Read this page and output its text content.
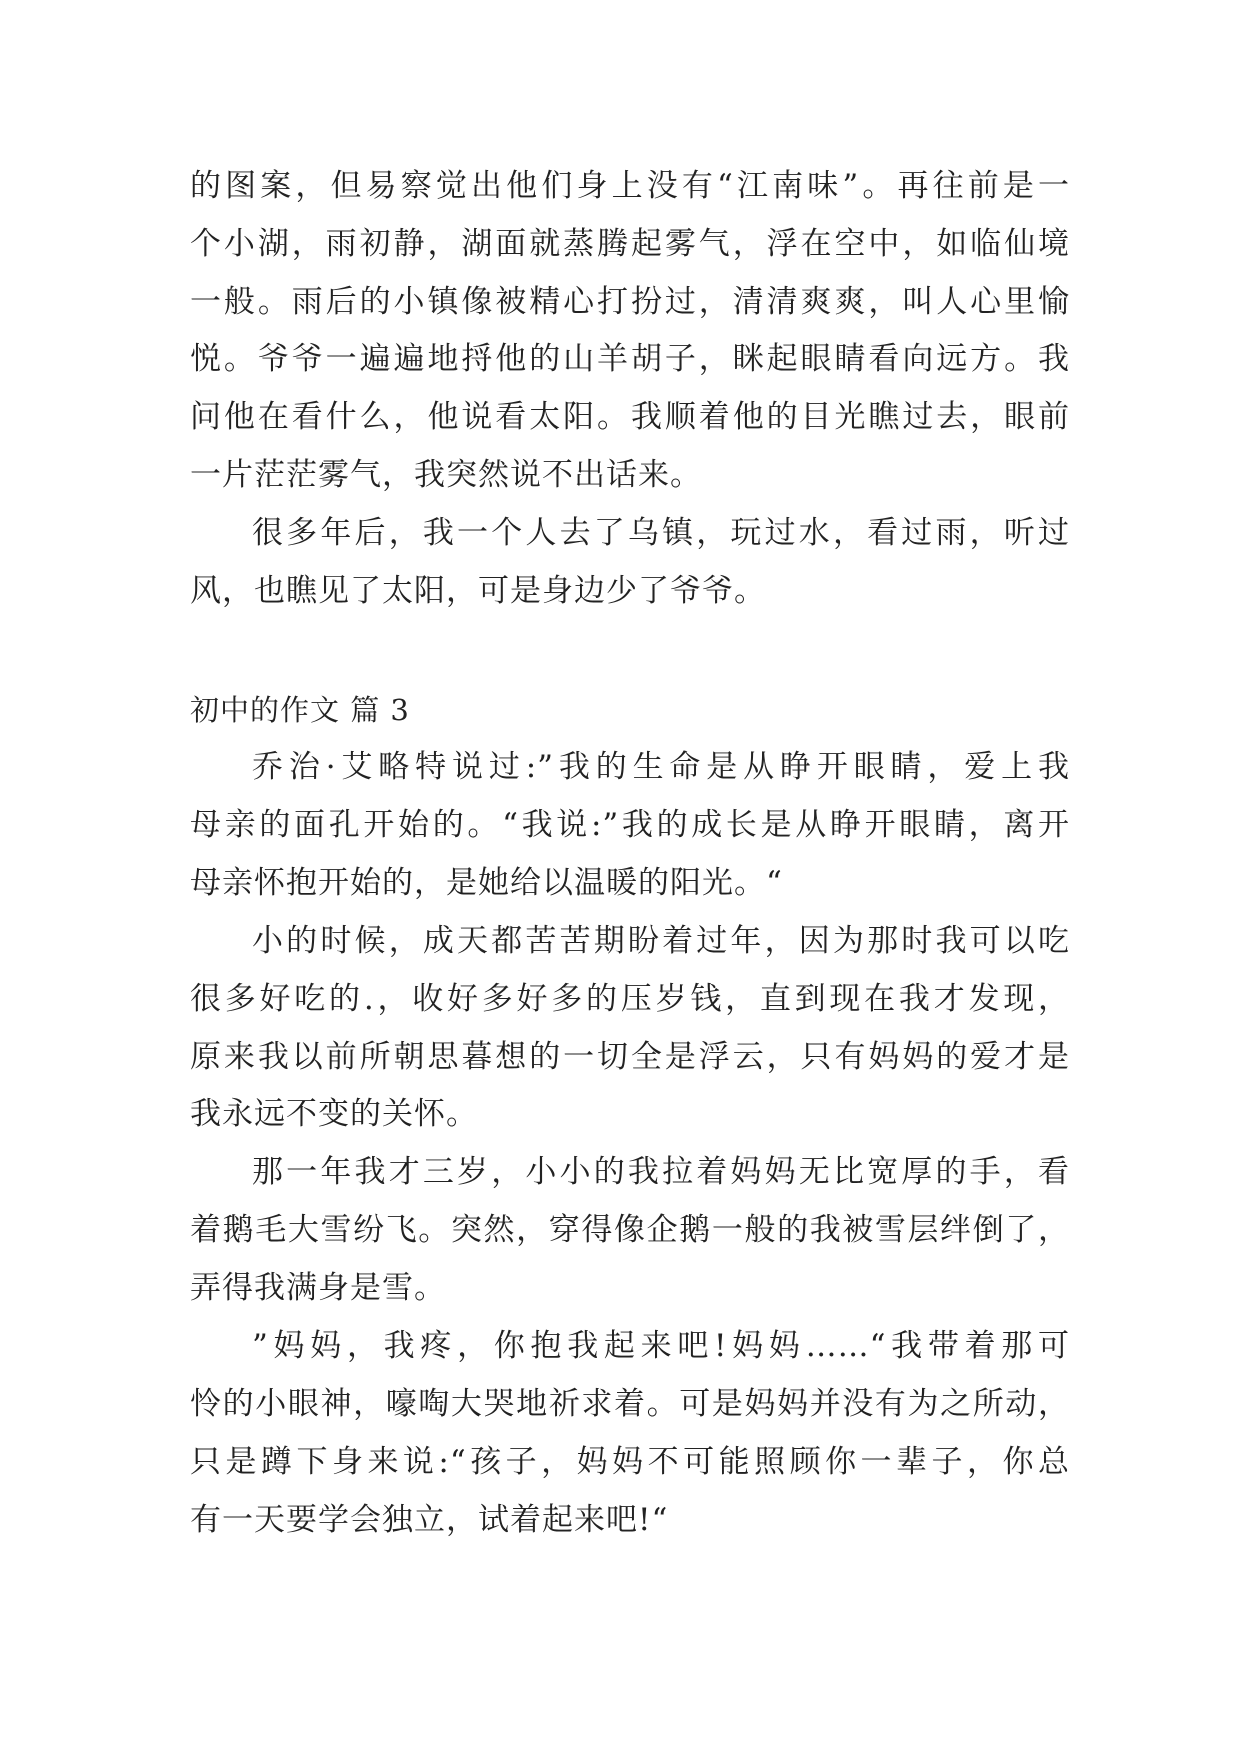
的图案，但易察觉出他们身上没有“江南味”。再往前是一
个小湖，雨初静，湖面就蒸腾起雾气，浮在空中，如临仙境
一般。雨后的小镇像被精心打扮过，清清爽爽，叫人心里愉
悦。爷爷一遍遍地捋他的山羊胡子，眯起眼睛看向远方。我
问他在看什么，他说看太阳。我顺着他的目光瞧过去，眼前
一片茫茫雾气，我突然说不出话来。
很多年后，我一个人去了乌镇，玩过水，看过雨，听过
风，也瞧见了太阳，可是身边少了爷爷。
初中的作文 篇 3
乔治·艾略特说过:”我的生命是从睁开眼睛，爱上我
母亲的面孔开始的。“我说:”我的成长是从睁开眼睛，离开
母亲怀抱开始的，是她给以温暖的阳光。“
小的时候，成天都苦苦期盼着过年，因为那时我可以吃
很多好吃的.，收好多好多的压岁钱，直到现在我才发现，
原来我以前所朝思暮想的一切全是浮云，只有妈妈的爱才是
我永远不变的关怀。
那一年我才三岁，小小的我拉着妈妈无比宽厚的手，看
着鹅毛大雪纷飞。突然，穿得像企鹅一般的我被雪层绊倒了，
弄得我满身是雪。
”妈妈，我疼，你抱我起来吧!妈妈……“我带着那可
怜的小眼神，嚎啕大哭地祈求着。可是妈妈并没有为之所动，
只是蹲下身来说:“孩子，妈妈不可能照顾你一辈子，你总
有一天要学会独立，试着起来吧!“
